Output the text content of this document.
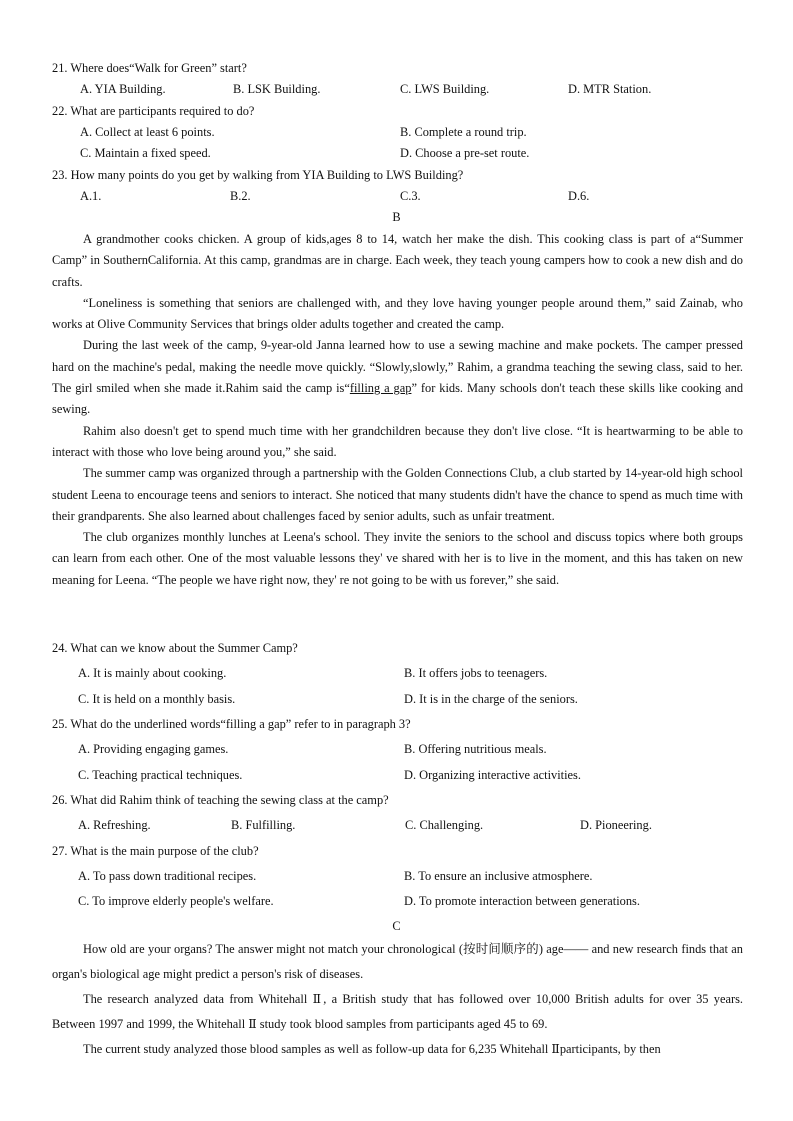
21. Where does“Walk for Green” start?
A. YIA Building.	B. LSK Building.	C. LWS Building.	D. MTR Station.
22. What are participants required to do?
A. Collect at least 6 points.	B. Complete a round trip.
C. Maintain a fixed speed.	D. Choose a pre-set route.
23. How many points do you get by walking from YIA Building to LWS Building?
A.1.	B.2.	C.3.	D.6.
B

A grandmother cooks chicken. A group of kids,ages 8 to 14, watch her make the dish. This cooking class is part of a“Summer Camp” in SouthernCalifornia. At this camp, grandmas are in charge. Each week, they teach young campers how to cook a new dish and do crafts.

“Loneliness is something that seniors are challenged with, and they love having younger people around them,” said Zainab, who works at Olive Community Services that brings older adults together and created the camp.

During the last week of the camp, 9-year-old Janna learned how to use a sewing machine and make pockets. The camper pressed hard on the machine's pedal, making the needle move quickly. “Slowly,slowly,” Rahim, a grandma teaching the sewing class, said to her. The girl smiled when she made it.Rahim said the camp is“filling a gap” for kids. Many schools don't teach these skills like cooking and sewing.

Rahim also doesn't get to spend much time with her grandchildren because they don't live close. “It is heartwarming to be able to interact with those who love being around you,” she said.

The summer camp was organized through a partnership with the Golden Connections Club, a club started by 14-year-old high school student Leena to encourage teens and seniors to interact. She noticed that many students didn't have the chance to spend as much time with their grandparents. She also learned about challenges faced by senior adults, such as unfair treatment.

The club organizes monthly lunches at Leena's school. They invite the seniors to the school and discuss topics where both groups can learn from each other. One of the most valuable lessons they' ve shared with her is to live in the moment, and this has taken on new meaning for Leena. “The people we have right now, they' re not going to be with us forever,” she said.

24. What can we know about the Summer Camp?
A. It is mainly about cooking.	B. It offers jobs to teenagers.
C. It is held on a monthly basis.	D. It is in the charge of the seniors.
25. What do the underlined words“filling a gap” refer to in paragraph 3?
A. Providing engaging games.	B. Offering nutritious meals.
C. Teaching practical techniques.	D. Organizing interactive activities.
26. What did Rahim think of teaching the sewing class at the camp?
A. Refreshing.	B. Fulfilling.	C. Challenging.	D. Pioneering.
27. What is the main purpose of the club?
A. To pass down traditional recipes.	B. To ensure an inclusive atmosphere.
C. To improve elderly people's welfare.	D. To promote interaction between generations.
C

How old are your organs? The answer might not match your chronological (按时间顺序的) age—— and new research finds that an organ's biological age might predict a person's risk of diseases.

The research analyzed data from Whitehall Ⅱ, a British study that has followed over 10,000 British adults for over 35 years. Between 1997 and 1999, the Whitehall Ⅱ study took blood samples from participants aged 45 to 69.

The current study analyzed those blood samples as well as follow-up data for 6,235 Whitehall Ⅱparticipants, by then
